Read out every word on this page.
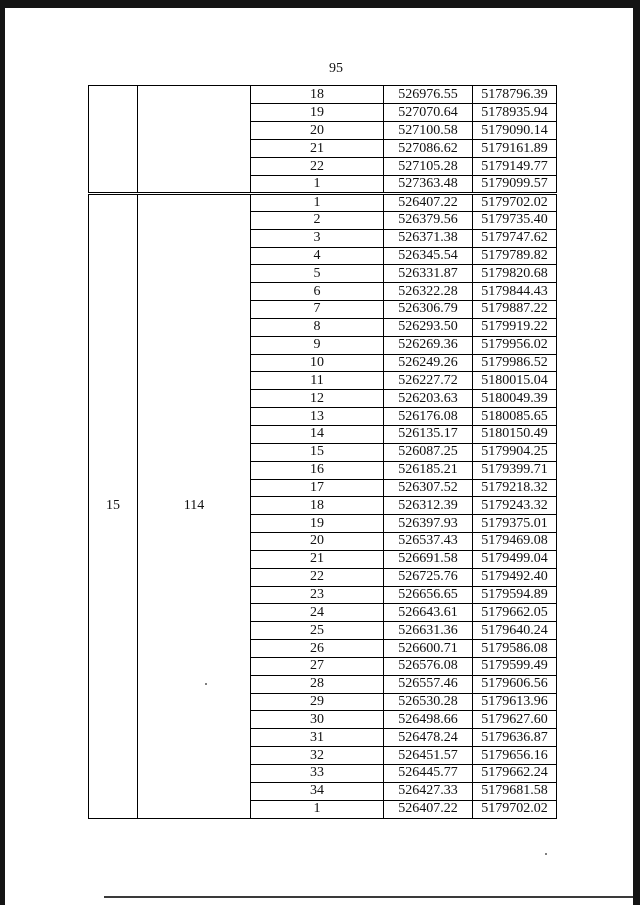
95
		18	526976.55	5178796.39
		19	527070.64	5178935.94
		20	527100.58	5179090.14
		21	527086.62	5179161.89
		22	527105.28	5179149.77
		1	527363.48	5179099.57
15	114	1	526407.22	5179702.02
		2	526379.56	5179735.40
		3	526371.38	5179747.62
		4	526345.54	5179789.82
		5	526331.87	5179820.68
		6	526322.28	5179844.43
		7	526306.79	5179887.22
		8	526293.50	5179919.22
		9	526269.36	5179956.02
		10	526249.26	5179986.52
		11	526227.72	5180015.04
		12	526203.63	5180049.39
		13	526176.08	5180085.65
		14	526135.17	5180150.49
		15	526087.25	5179904.25
		16	526185.21	5179399.71
		17	526307.52	5179218.32
		18	526312.39	5179243.32
		19	526397.93	5179375.01
		20	526537.43	5179469.08
		21	526691.58	5179499.04
		22	526725.76	5179492.40
		23	526656.65	5179594.89
		24	526643.61	5179662.05
		25	526631.36	5179640.24
		26	526600.71	5179586.08
		27	526576.08	5179599.49
		28	526557.46	5179606.56
		29	526530.28	5179613.96
		30	526498.66	5179627.60
		31	526478.24	5179636.87
		32	526451.57	5179656.16
		33	526445.77	5179662.24
		34	526427.33	5179681.58
		1	526407.22	5179702.02
